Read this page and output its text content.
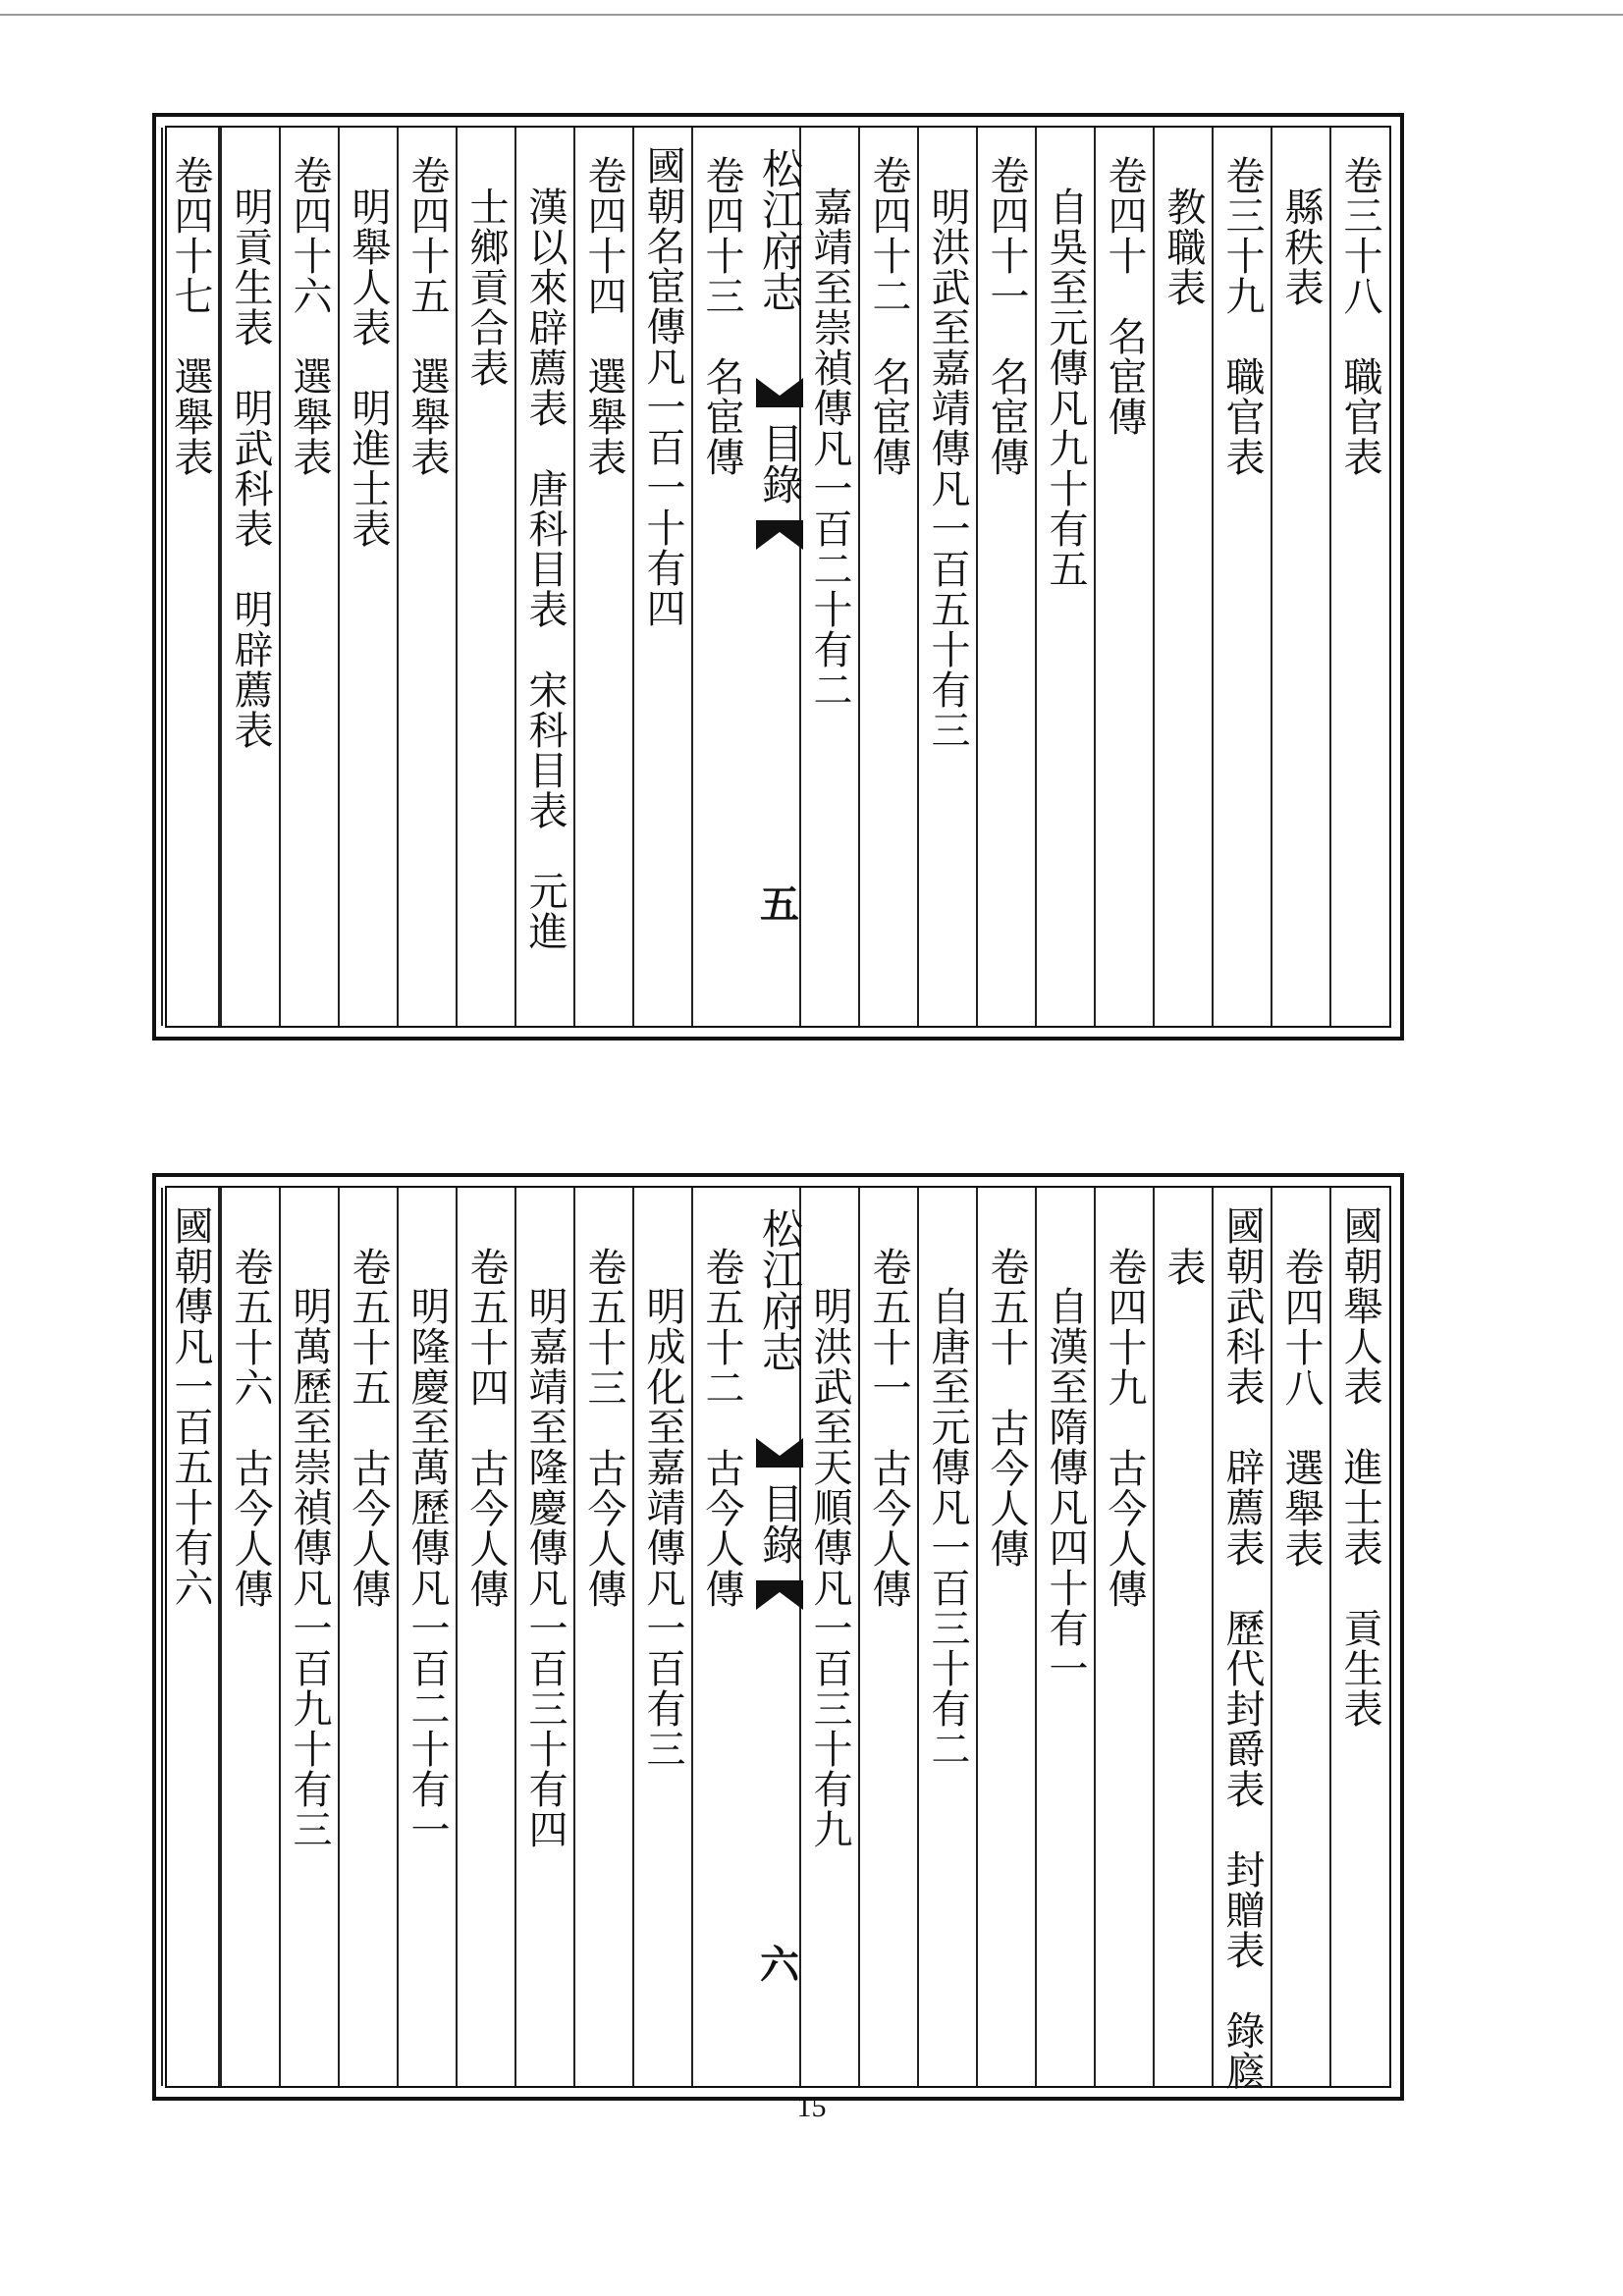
卷三十八　職官表
縣秩表
卷三十九　職官表
教職表
卷四十　名宦傳
自吳至元傳凡九十有五
卷四十一　名宦傳
明洪武至嘉靖傳凡一百五十有三
卷四十二　名宦傳
嘉靖至崇禎傳凡一百二十有二
松江府志
目錄
五
卷四十三　名宦傳
國朝名宦傳凡一百一十有四
卷四十四　選舉表
漢以來辟薦表　唐科目表　宋科目表　元進
士鄉貢合表
卷四十五　選舉表
明舉人表　明進士表
卷四十六　選舉表
明貢生表　明武科表　明辟薦表
卷四十七　選舉表
國朝舉人表　進士表　貢生表
卷四十八　選舉表
國朝武科表　辟薦表　歷代封爵表　封贈表　錄廕
表
卷四十九　古今人傳
自漢至隋傳凡四十有一
卷五十　古今人傳
自唐至元傳凡一百三十有二
卷五十一　古今人傳
明洪武至天順傳凡一百三十有九
松江府志
目錄
六
卷五十二　古今人傳
明成化至嘉靖傳凡一百有三
卷五十三　古今人傳
明嘉靖至隆慶傳凡一百三十有四
卷五十四　古今人傳
明隆慶至萬歷傳凡一百二十有一
卷五十五　古今人傳
明萬歷至崇禎傳凡一百九十有三
卷五十六　古今人傳
國朝傳凡一百五十有六
15
